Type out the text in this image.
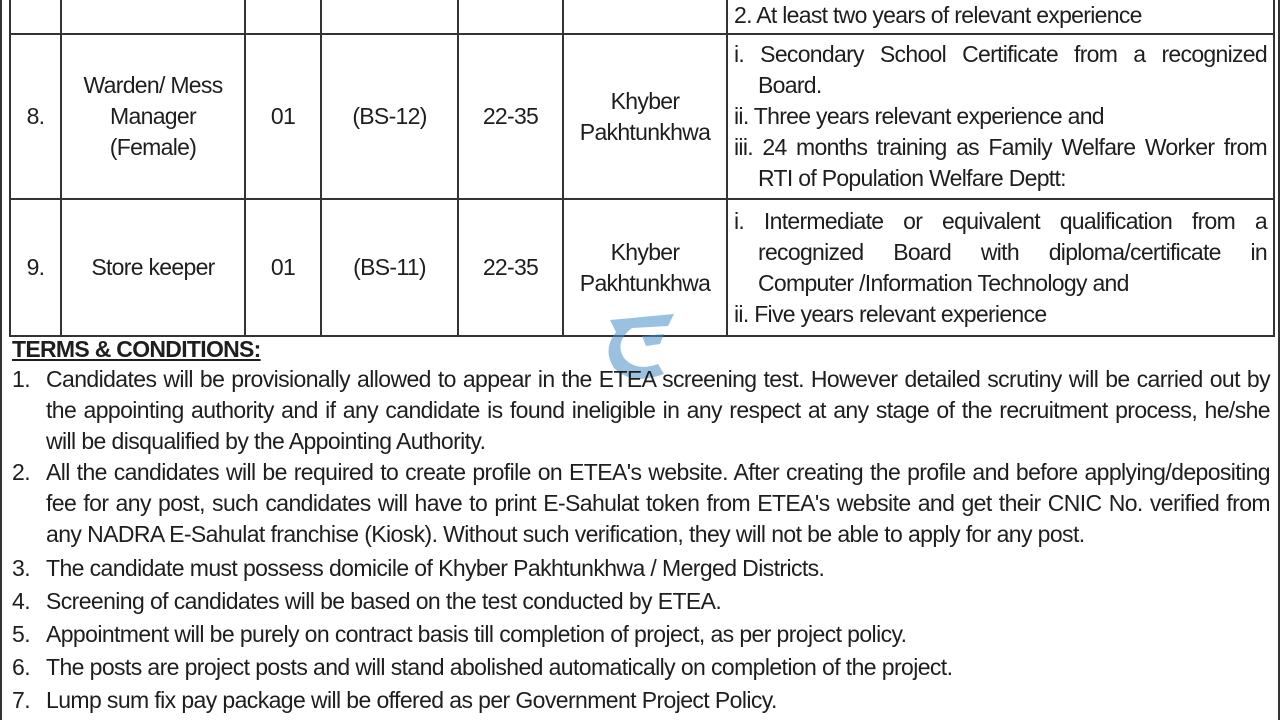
						2. At least two years of relevant experience

8.	Warden/ Mess Manager (Female)	01	(BS-12)	22-35	Khyber Pakhtunkhwa	i. Secondary School Certificate from a recognized Board.
ii. Three years relevant experience and
iii. 24 months training as Family Welfare Worker from RTI of Population Welfare Deptt:

9.	Store keeper	01	(BS-11)	22-35	Khyber Pakhtunkhwa	i. Intermediate or equivalent qualification from a recognized Board with diploma/certificate in Computer /Information Technology and
ii. Five years relevant experience
TERMS & CONDITIONS:
1. Candidates will be provisionally allowed to appear in the ETEA screening test. However detailed scrutiny will be carried out by the appointing authority and if any candidate is found ineligible in any respect at any stage of the recruitment process, he/she will be disqualified by the Appointing Authority.
2. All the candidates will be required to create profile on ETEA's website. After creating the profile and before applying/depositing fee for any post, such candidates will have to print E-Sahulat token from ETEA's website and get their CNIC No. verified from any NADRA E-Sahulat franchise (Kiosk). Without such verification, they will not be able to apply for any post.
3. The candidate must possess domicile of Khyber Pakhtunkhwa / Merged Districts.
4. Screening of candidates will be based on the test conducted by ETEA.
5. Appointment will be purely on contract basis till completion of project, as per project policy.
6. The posts are project posts and will stand abolished automatically on completion of the project.
7. Lump sum fix pay package will be offered as per Government Project Policy.
